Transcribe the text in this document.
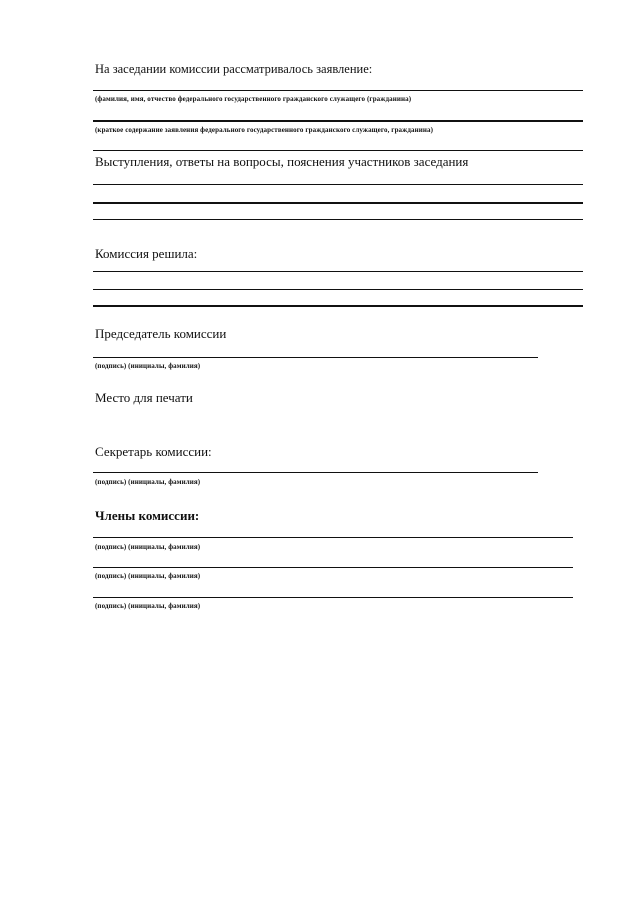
На заседании комиссии рассматривалось заявление:
(фамилия, имя, отчество федерального государственного гражданского служащего (гражданина)
(краткое содержание заявления федерального государственного гражданского служащего, гражданина)
Выступления, ответы на вопросы, пояснения участников заседания
Комиссия решила:
Председатель комиссии
(подпись) (инициалы, фамилия)
Место для печати
Секретарь комиссии:
(подпись) (инициалы, фамилия)
Члены комиссии:
(подпись) (инициалы, фамилия)
(подпись) (инициалы, фамилия)
(подпись) (инициалы, фамилия)
